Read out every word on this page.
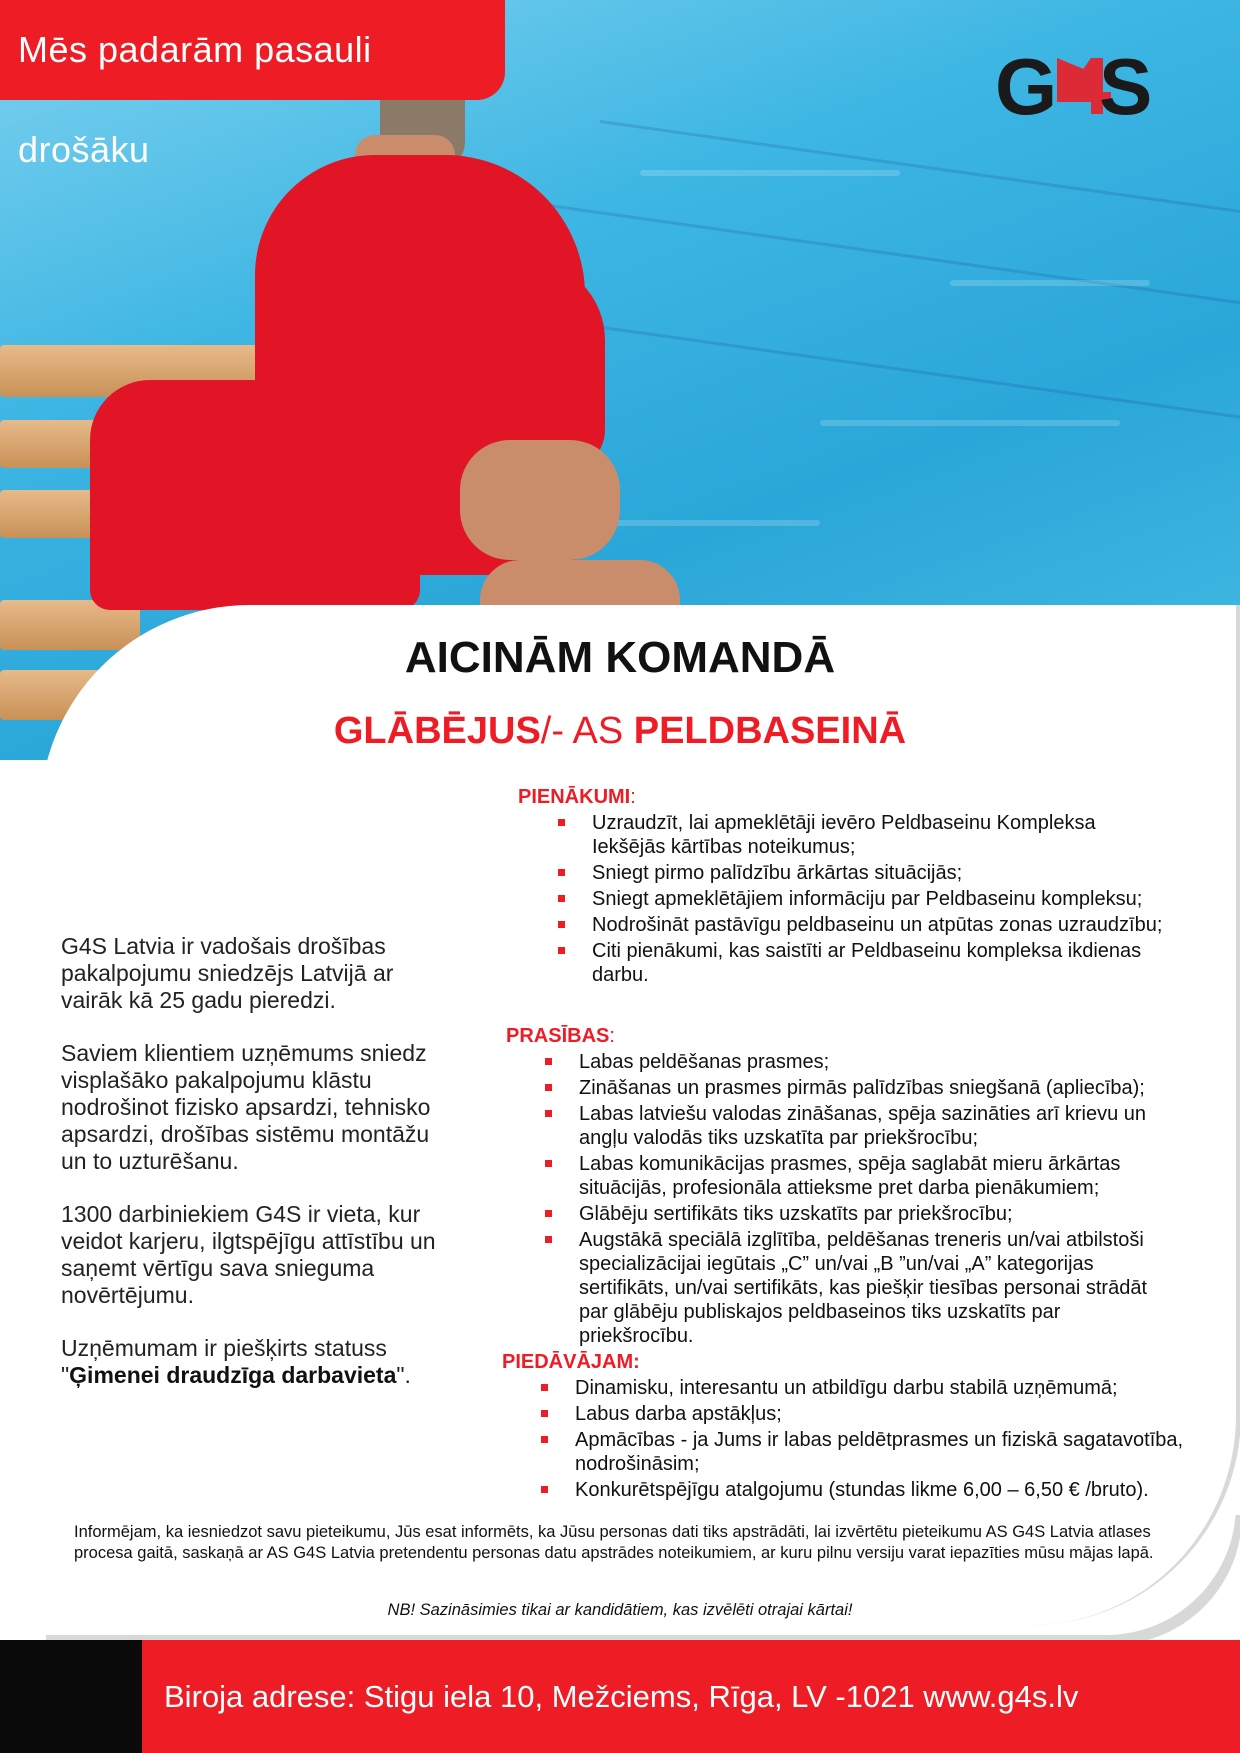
Mēs padarām pasauli drošāku
G S
AICINĀM KOMANDĀ
GLĀBĒJUS/- AS PELDBASEINĀ

G4S Latvia ir vadošais drošības pakalpojumu sniedzējs Latvijā ar vairāk kā 25 gadu pieredzi.

Saviem klientiem uzņēmums sniedz visplašāko pakalpojumu klāstu nodrošinot fizisko apsardzi, tehnisko apsardzi, drošības sistēmu montāžu un to uzturēšanu.

1300 darbiniekiem G4S ir vieta, kur veidot karjeru, ilgtspējīgu attīstību un saņemt vērtīgu sava snieguma novērtējumu.

Uzņēmumam ir piešķirts statuss "Ģimenei draudzīga darbavieta".

PIENĀKUMI:
Uzraudzīt, lai apmeklētāji ievēro Peldbaseinu Kompleksa Iekšējās kārtības noteikumus;
Sniegt pirmo palīdzību ārkārtas situācijās;
Sniegt apmeklētājiem informāciju par Peldbaseinu kompleksu;
Nodrošināt pastāvīgu peldbaseinu un atpūtas zonas uzraudzību;
Citi pienākumi, kas saistīti ar Peldbaseinu kompleksa ikdienas darbu.
PRASĪBAS:
Labas peldēšanas prasmes;
Zināšanas un prasmes pirmās palīdzības sniegšanā (apliecība);
Labas latviešu valodas zināšanas, spēja sazināties arī krievu un angļu valodās tiks uzskatīta par priekšrocību;
Labas komunikācijas prasmes, spēja saglabāt mieru ārkārtas situācijās, profesionāla attieksme pret darba pienākumiem;
Glābēju sertifikāts tiks uzskatīts par priekšrocību;
Augstākā speciālā izglītība, peldēšanas treneris un/vai atbilstoši specializācijai iegūtais „C” un/vai „B ”un/vai „A” kategorijas sertifikāts, un/vai sertifikāts, kas piešķir tiesības personai strādāt par glābēju publiskajos peldbaseinos tiks uzskatīts par priekšrocību.
PIEDĀVĀJAM:
Dinamisku, interesantu un atbildīgu darbu stabilā uzņēmumā;
Labus darba apstākļus;
Apmācības - ja Jums ir labas peldētprasmes un fiziskā sagatavotība, nodrošināsim;
Konkurētspējīgu atalgojumu (stundas likme 6,00 – 6,50 € /bruto).
Informējam, ka iesniedzot savu pieteikumu, Jūs esat informēts, ka Jūsu personas dati tiks apstrādāti, lai izvērtētu pieteikumu AS G4S Latvia atlases procesa gaitā, saskaņā ar AS G4S Latvia pretendentu personas datu apstrādes noteikumiem, ar kuru pilnu versiju varat iepazīties mūsu mājas lapā.
NB! Sazināsimies tikai ar kandidātiem, kas izvēlēti otrajai kārtai!
Biroja adrese: Stigu iela 10, Mežciems, Rīga, LV -1021 www.g4s.lv
